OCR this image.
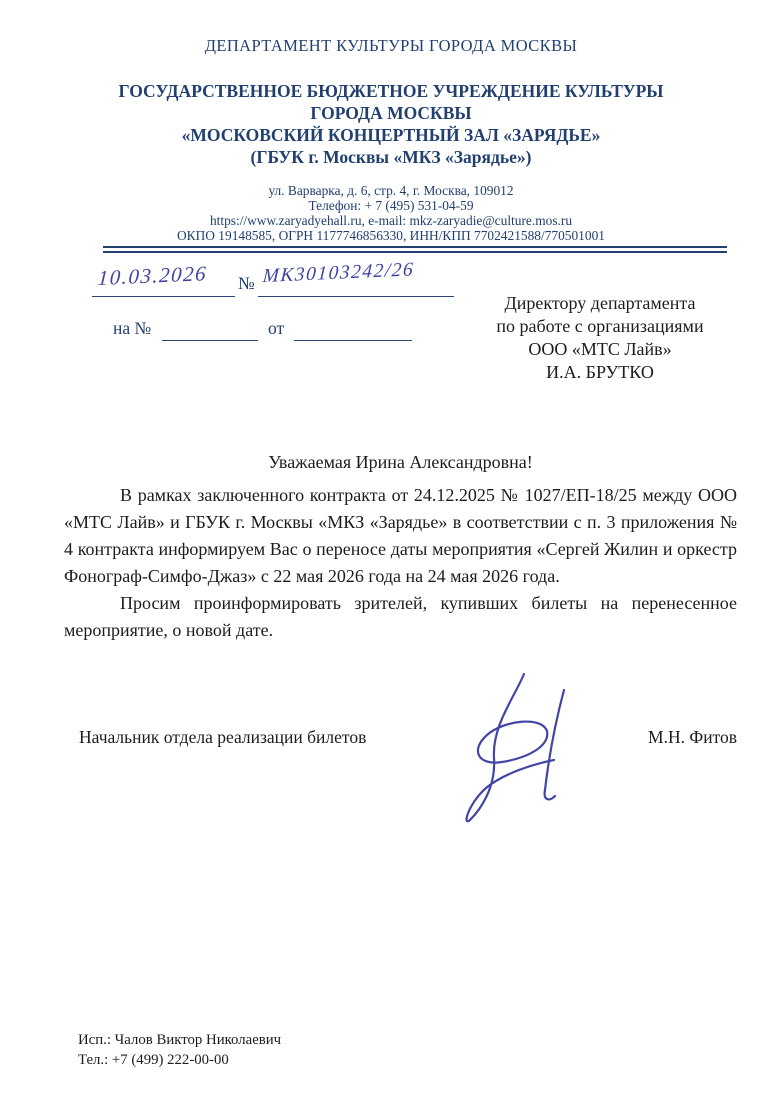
ДЕПАРТАМЕНТ КУЛЬТУРЫ ГОРОДА МОСКВЫ
ГОСУДАРСТВЕННОЕ БЮДЖЕТНОЕ УЧРЕЖДЕНИЕ КУЛЬТУРЫ
ГОРОДА МОСКВЫ
«МОСКОВСКИЙ КОНЦЕРТНЫЙ ЗАЛ «ЗАРЯДЬЕ»
(ГБУК г. Москвы «МКЗ «Зарядье»)
ул. Варварка, д. 6, стр. 4, г. Москва, 109012
Телефон: + 7 (495) 531-04-59
https://www.zaryadyehall.ru, e-mail: mkz-zaryadie@culture.mos.ru
ОКПО 19148585, ОГРН 1177746856330, ИНН/КПП 7702421588/770501001
10.03.2026 № МК30103242/26
на №	от
Директору департамента
по работе с организациями
ООО «МТС Лайв»
И.А. БРУТКО
Уважаемая Ирина Александровна!

В рамках заключенного контракта от 24.12.2025 № 1027/ЕП-18/25 между ООО «МТС Лайв» и ГБУК г. Москвы «МКЗ «Зарядье» в соответствии с п. 3 приложения № 4 контракта информируем Вас о переносе даты мероприятия «Сергей Жилин и оркестр Фонограф-Симфо-Джаз» с 22 мая 2026 года на 24 мая 2026 года.

Просим проинформировать зрителей, купивших билеты на перенесенное мероприятие, о новой дате.

Начальник отдела реализации билетов	М.Н. Фитов
Исп.: Чалов Виктор Николаевич
Тел.: +7 (499) 222-00-00
